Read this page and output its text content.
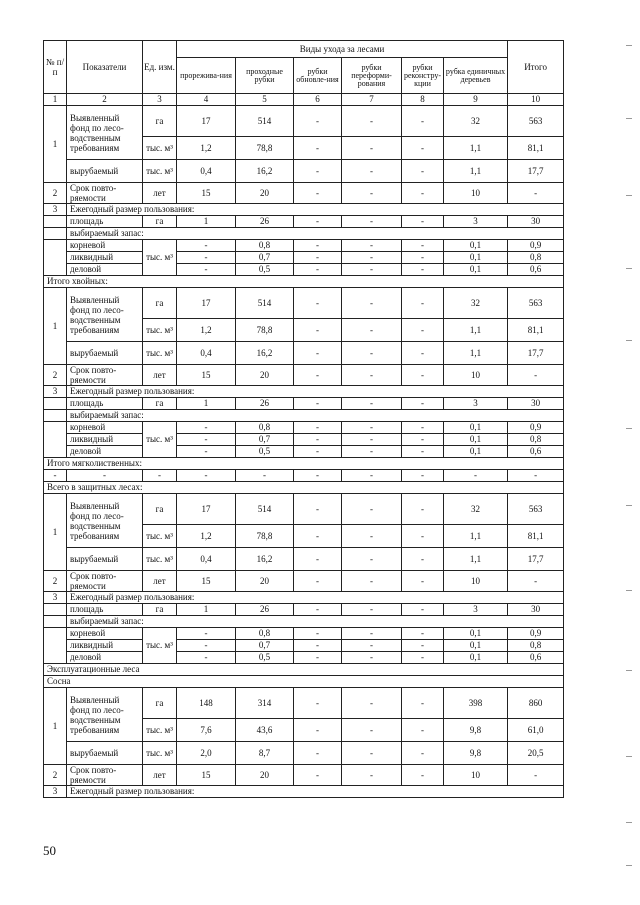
№ п/ п	Показатели	Ед. изм.	Виды ухода за лесами						Итого
			прорежива-ния	проходные рубки	рубки обновле-ния	рубки переформи-рования	рубки реконстру-кции	рубка единичных деревьев	
1	2	3	4	5	6	7	8	9	10
1	Выявленный фонд по лесо-водственным требованиям	га	17	514	-	-	-	32	563
		тыс. м³	1,2	78,8	-	-	-	1,1	81,1
	вырубаемый	тыс. м³	0,4	16,2	-	-	-	1,1	17,7
2	Срок повто-ряемости	лет	15	20	-	-	-	10	-
3	Ежегодный размер пользования:								
	площадь	га	1	26	-	-	-	3	30
	выбираемый запас:								
	корневой	тыс. м³	-	0,8	-	-	-	0,1	0,9
	ликвидный		-	0,7	-	-	-	0,1	0,8
	деловой		-	0,5	-	-	-	0,1	0,6
Итого хвойных:									
1	Выявленный фонд по лесо-водственным требованиям	га	17	514	-	-	-	32	563
		тыс. м³	1,2	78,8	-	-	-	1,1	81,1
	вырубаемый	тыс. м³	0,4	16,2	-	-	-	1,1	17,7
2	Срок повто-ряемости	лет	15	20	-	-	-	10	-
3	Ежегодный размер пользования:								
	площадь	га	1	26	-	-	-	3	30
	выбираемый запас:								
	корневой	тыс. м³	-	0,8	-	-	-	0,1	0,9
	ликвидный		-	0,7	-	-	-	0,1	0,8
	деловой		-	0,5	-	-	-	0,1	0,6
Итого мягколиственных:									
-	-	-	-	-	-	-	-	-	-
Всего в защитных лесах:									
1	Выявленный фонд по лесо-водственным требованиям	га	17	514	-	-	-	32	563
		тыс. м³	1,2	78,8	-	-	-	1,1	81,1
	вырубаемый	тыс. м³	0,4	16,2	-	-	-	1,1	17,7
2	Срок повто-ряемости	лет	15	20	-	-	-	10	-
3	Ежегодный размер пользования:								
	площадь	га	1	26	-	-	-	3	30
	выбираемый запас:								
	корневой	тыс. м³	-	0,8	-	-	-	0,1	0,9
	ликвидный		-	0,7	-	-	-	0,1	0,8
	деловой		-	0,5	-	-	-	0,1	0,6
Эксплуатационные леса									
Сосна									
1	Выявленный фонд по лесо-водственным требованиям	га	148	314	-	-	-	398	860
		тыс. м³	7,6	43,6	-	-	-	9,8	61,0
	вырубаемый	тыс. м³	2,0	8,7	-	-	-	9,8	20,5
2	Срок повто-ряемости	лет	15	20	-	-	-	10	-
3	Ежегодный размер пользования:								
50
